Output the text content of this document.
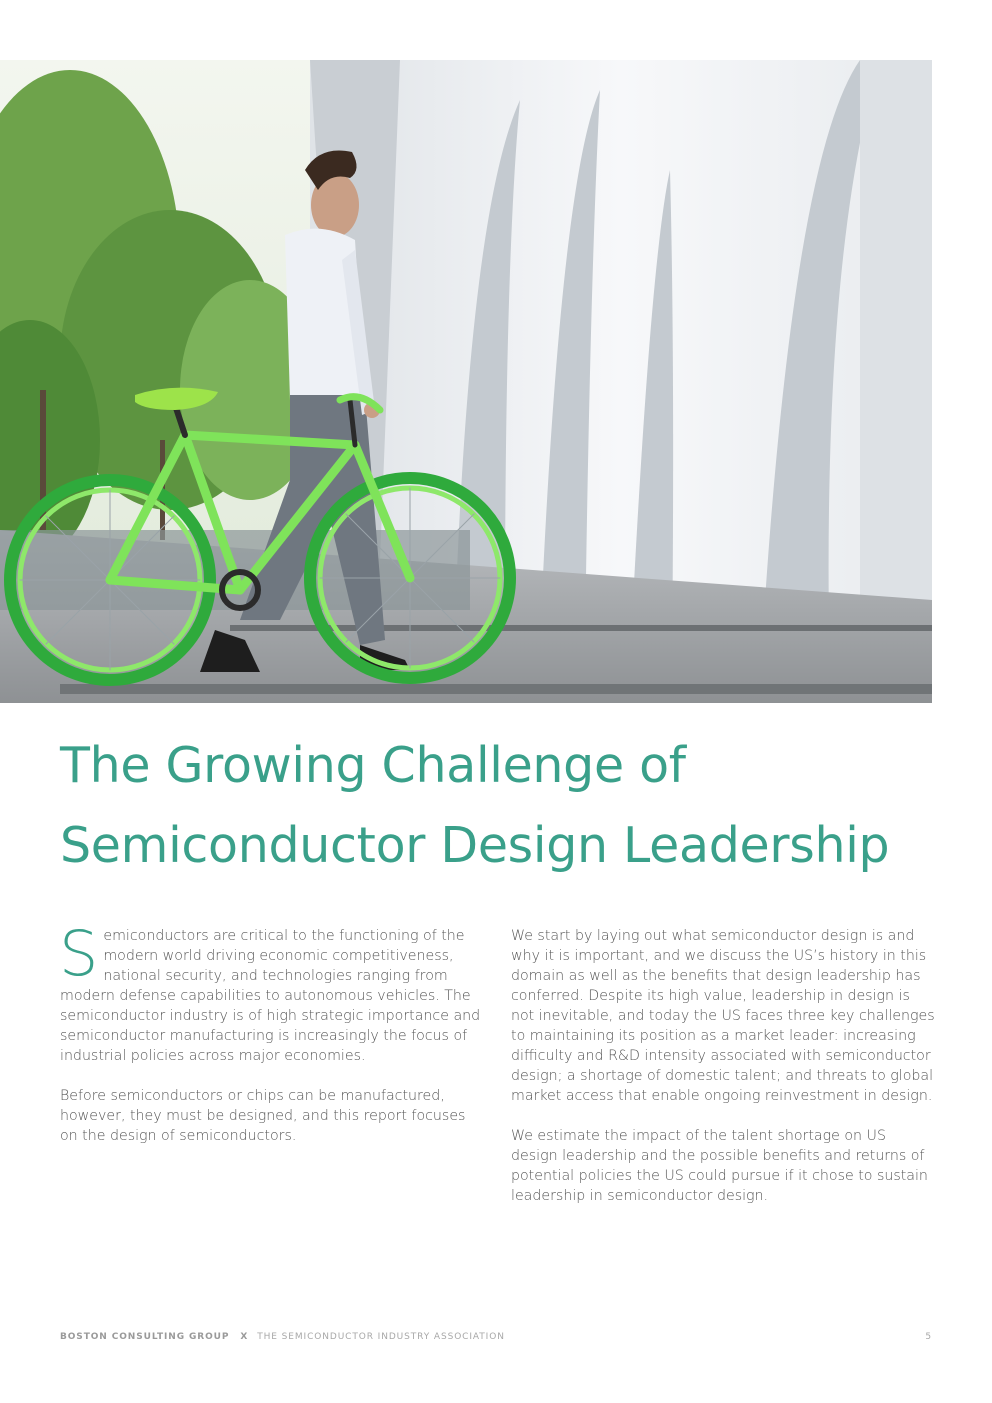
The Growing Challenge of
Semiconductor Design Leadership

Semiconductors are critical to the functioning of the modern world driving economic competitiveness, national security, and technologies ranging from modern defense capabilities to autonomous vehicles. The semiconductor industry is of high strategic importance and semiconductor manufacturing is increasingly the focus of industrial policies across major economies.

Before semiconductors or chips can be manufactured, however, they must be designed, and this report focuses on the design of semiconductors.

We start by laying out what semiconductor design is and why it is important, and we discuss the US’s history in this domain as well as the benefits that design leadership has conferred. Despite its high value, leadership in design is not inevitable, and today the US faces three key challenges to maintaining its position as a market leader: increasing difficulty and R&D intensity associated with semiconductor design; a shortage of domestic talent; and threats to global market access that enable ongoing reinvestment in design.

We estimate the impact of the talent shortage on US design leadership and the possible benefits and returns of potential policies the US could pursue if it chose to sustain leadership in semiconductor design.

BOSTON CONSULTING GROUP X THE SEMICONDUCTOR INDUSTRY ASSOCIATION	5
